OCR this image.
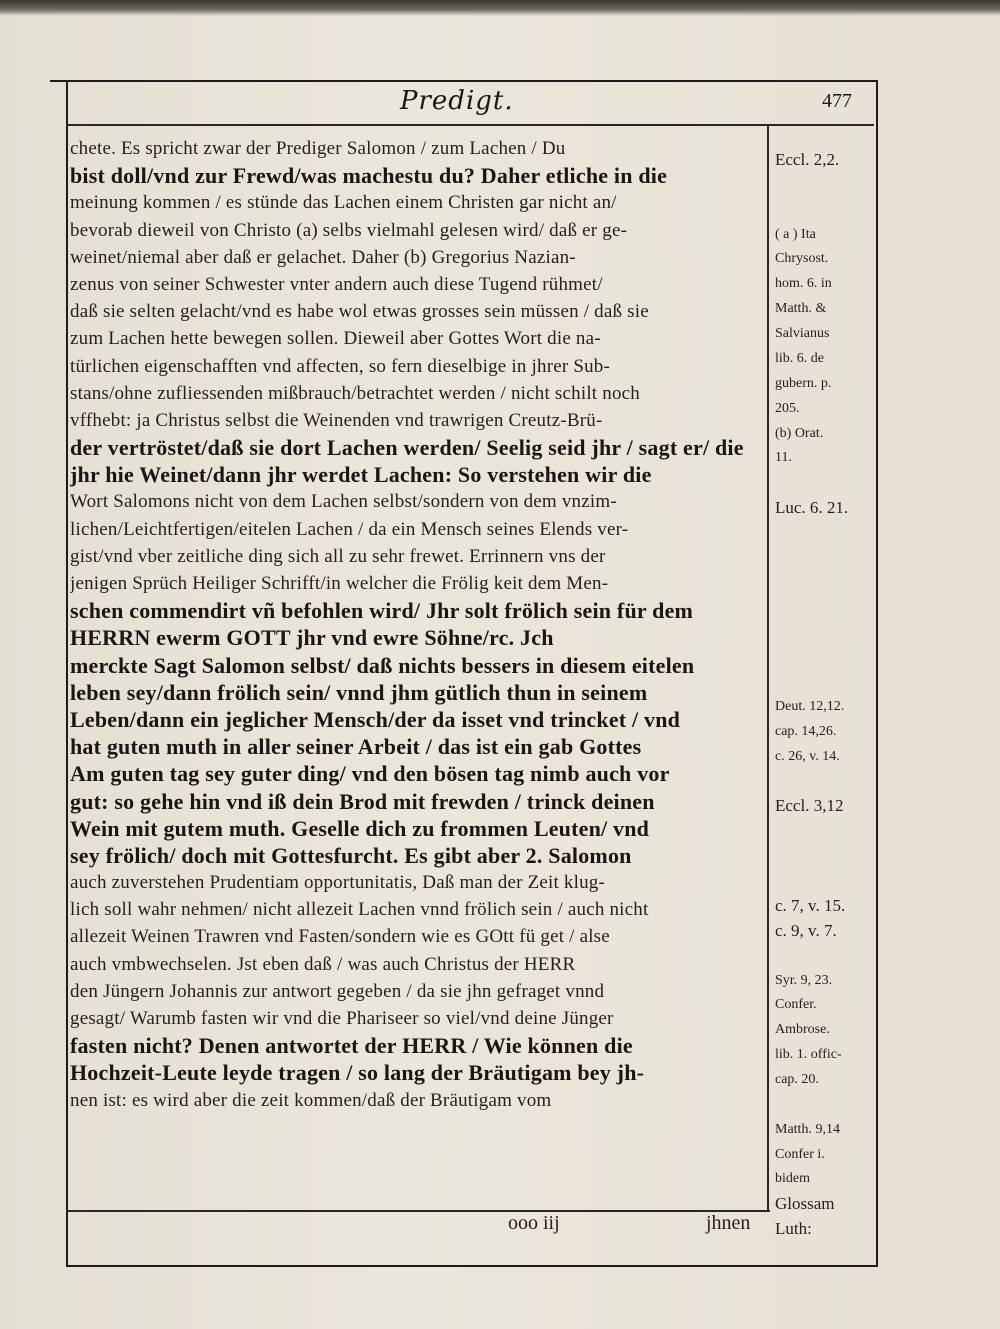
Predigt.	477
chete. Es spricht zwar der Prediger Salomon / zum Lachen / Du
bist doll/vnd zur Frewd/was machestu du? Daher etliche in die
meinung kommen / es stünde das Lachen einem Christen gar nicht an/
bevorab dieweil von Christo (a) selbs vielmahl gelesen wird/ daß er ge-
weinet/niemal aber daß er gelachet. Daher (b) Gregorius Nazian-
zenus von seiner Schwester vnter andern auch diese Tugend rühmet/
daß sie selten gelacht/vnd es habe wol etwas grosses sein müssen / daß sie
zum Lachen hette bewegen sollen. Dieweil aber Gottes Wort die na-
türlichen eigenschafften vnd affecten, so fern dieselbige in jhrer Sub-
stans/ohne zufliessenden mißbrauch/betrachtet werden / nicht schilt noch
vffhebt: ja Christus selbst die Weinenden vnd trawrigen Creutz-Brü-
der vertröstet/daß sie dort Lachen werden/ Seelig seid jhr / sagt er/ die
jhr hie Weinet/dann jhr werdet Lachen: So verstehen wir die
Wort Salomons nicht von dem Lachen selbst/sondern von dem vnzim-
lichen/Leichtfertigen/eitelen Lachen / da ein Mensch seines Elends ver-
gist/vnd vber zeitliche ding sich all zu sehr frewet. Errinnern vns der
jenigen Sprüch Heiliger Schrifft/in welcher die Frölig keit dem Men-
schen commendirt vñ befohlen wird/ Jhr solt frölich sein für dem
HERRN ewerm GOTT jhr vnd ewre Söhne/rc. Jch
merckte Sagt Salomon selbst/ daß nichts bessers in diesem eitelen
leben sey/dann frölich sein/ vnnd jhm gütlich thun in seinem
Leben/dann ein jeglicher Mensch/der da isset vnd trincket / vnd
hat guten muth in aller seiner Arbeit / das ist ein gab Gottes
Am guten tag sey guter ding/ vnd den bösen tag nimb auch vor
gut: so gehe hin vnd iß dein Brod mit frewden / trinck deinen
Wein mit gutem muth. Geselle dich zu frommen Leuten/ vnd
sey frölich/ doch mit Gottesfurcht. Es gibt aber 2. Salomon
auch zuverstehen Prudentiam opportunitatis, Daß man der Zeit klug-
lich soll wahr nehmen/ nicht allezeit Lachen vnnd frölich sein / auch nicht
allezeit Weinen Trawren vnd Fasten/sondern wie es GOtt fü get / alse
auch vmbwechselen. Jst eben daß / was auch Christus der HERR
den Jüngern Johannis zur antwort gegeben / da sie jhn gefraget vnnd
gesagt/ Warumb fasten wir vnd die Phariseer so viel/vnd deine Jünger
fasten nicht? Denen antwortet der HERR / Wie können die
Hochzeit-Leute leyde tragen / so lang der Bräutigam bey jh-
nen ist: es wird aber die zeit kommen/daß der Bräutigam vom
Eccl. 2,2.
( a ) Ita
Chrysost.
hom. 6. in
Matth. &
Salvianus
lib. 6. de
gubern. p.
205.
(b) Orat.
11.
Luc. 6. 21.
Deut. 12,12.
cap. 14,26.
c. 26, v. 14.
Eccl. 3,12
c. 7, v. 15.
c. 9, v. 7.
Syr. 9, 23.
Confer.
Ambrose.
lib. 1. offic-
cap. 20.
Matth. 9,14
Confer i.
bidem
Glossam
Luth:
ooo iij	jhnen
